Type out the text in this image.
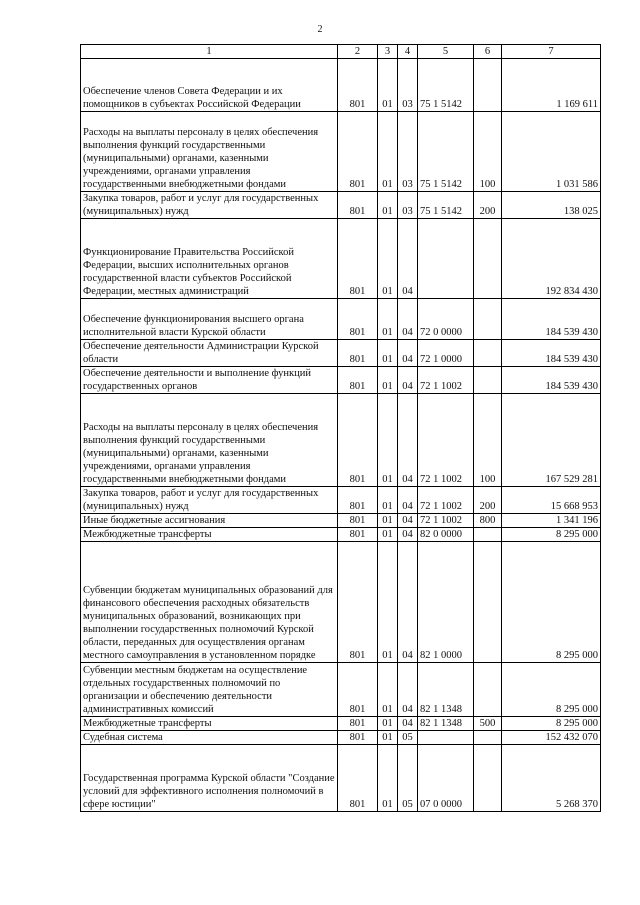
2
1	2	3	4	5	6	7
Обеспечение членов Совета Федерации и их помощников в субъектах Российской Федерации	801	01	03	75 1 5142		1 169 611
Расходы на выплаты персоналу в целях обеспечения выполнения функций государственными (муниципальными) органами, казенными учреждениями, органами управления государственными внебюджетными фондами	801	01	03	75 1 5142	100	1 031 586
Закупка товаров, работ и услуг для государственных (муниципальных) нужд	801	01	03	75 1 5142	200	138 025
Функционирование Правительства Российской Федерации, высших исполнительных органов государственной власти субъектов Российской Федерации, местных администраций	801	01	04			192 834 430
Обеспечение функционирования высшего органа исполнительной власти Курской области	801	01	04	72 0 0000		184 539 430
Обеспечение деятельности Администрации Курской области	801	01	04	72 1 0000		184 539 430
Обеспечение деятельности и выполнение функций государственных органов	801	01	04	72 1 1002		184 539 430
Расходы на выплаты персоналу в целях обеспечения выполнения функций государственными (муниципальными) органами, казенными учреждениями, органами управления государственными внебюджетными фондами	801	01	04	72 1 1002	100	167 529 281
Закупка товаров, работ и услуг для государственных (муниципальных) нужд	801	01	04	72 1 1002	200	15 668 953
Иные бюджетные ассигнования	801	01	04	72 1 1002	800	1 341 196
Межбюджетные трансферты	801	01	04	82 0 0000		8 295 000
Субвенции бюджетам муниципальных образований для финансового обеспечения расходных обязательств муниципальных образований, возникающих при выполнении государственных полномочий Курской области, переданных для осуществления органам местного самоуправления в установленном порядке	801	01	04	82 1 0000		8 295 000
Субвенции местным бюджетам на осуществление отдельных государственных полномочий по организации и обеспечению деятельности административных комиссий	801	01	04	82 1 1348		8 295 000
Межбюджетные трансферты	801	01	04	82 1 1348	500	8 295 000
Судебная система	801	01	05			152 432 070
Государственная программа Курской области "Создание условий для эффективного исполнения полномочий в сфере юстиции"	801	01	05	07 0 0000		5 268 370
